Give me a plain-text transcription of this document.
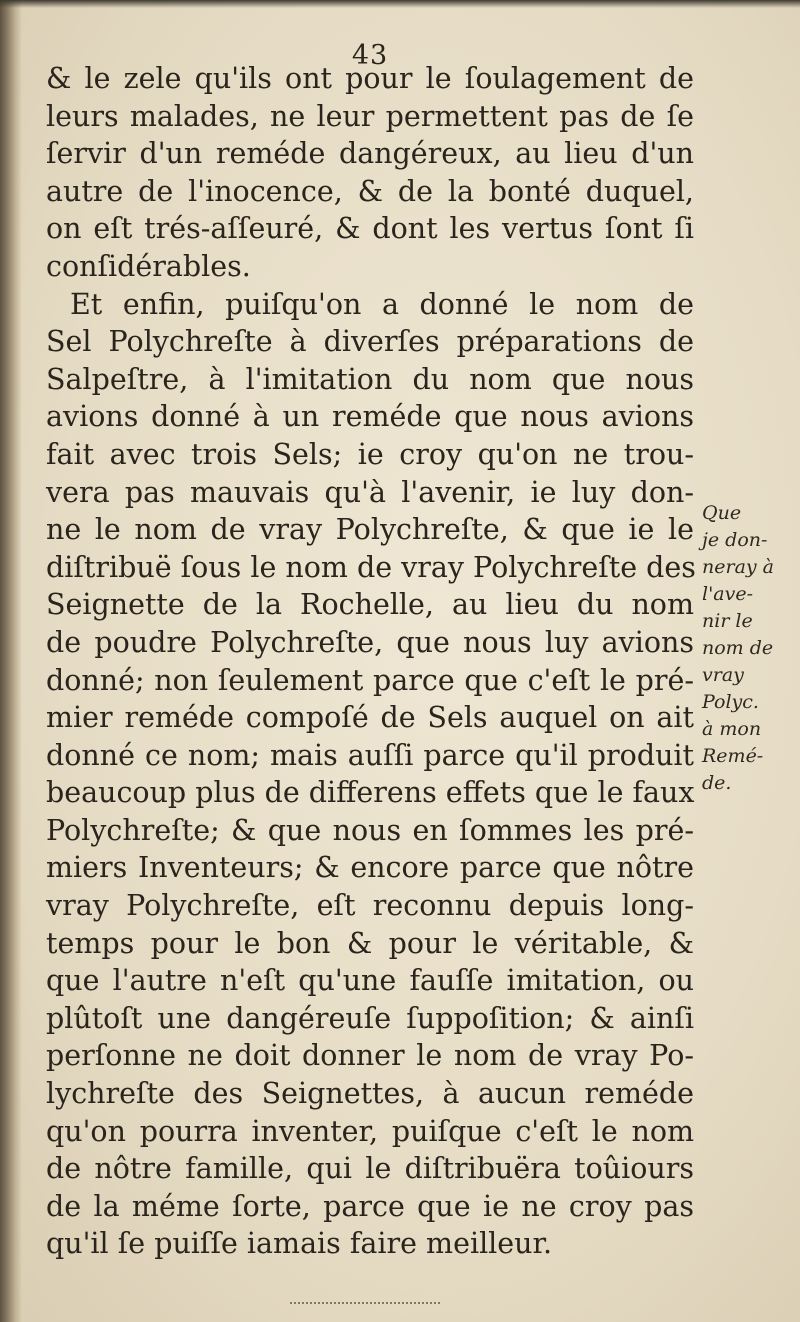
43
& le zele qu'ils ont pour le ſoulagement de
leurs malades, ne leur permettent pas de ſe
ſervir d'un reméde dangéreux, au lieu d'un
autre de l'inocence, & de la bonté duquel,
on eſt trés-aſſeuré, & dont les vertus ſont ſi
conſidérables.
Et enfin, puiſqu'on a donné le nom de
Sel Polychreſte à diverſes préparations de
Salpeſtre, à l'imitation du nom que nous
avions donné à un reméde que nous avions
fait avec trois Sels; ie croy qu'on ne trou-
vera pas mauvais qu'à l'avenir, ie luy don-
ne le nom de vray Polychreſte, & que ie le
diſtribuë ſous le nom de vray Polychreſte des
Seignette de la Rochelle, au lieu du nom
de poudre Polychreſte, que nous luy avions
donné; non ſeulement parce que c'eſt le pré-
mier reméde compoſé de Sels auquel on ait
donné ce nom; mais auſſi parce qu'il produit
beaucoup plus de differens effets que le faux
Polychreſte; & que nous en ſommes les pré-
miers Inventeurs; & encore parce que nôtre
vray Polychreſte, eſt reconnu depuis long-
temps pour le bon & pour le véritable, &
que l'autre n'eſt qu'une fauſſe imitation, ou
plûtoſt une dangéreuſe ſuppoſition; & ainſi
perſonne ne doit donner le nom de vray Po-
lychreſte des Seignettes, à aucun reméde
qu'on pourra inventer, puiſque c'eſt le nom
de nôtre famille, qui le diſtribuëra toûiours
de la méme ſorte, parce que ie ne croy pas
qu'il ſe puiſſe iamais faire meilleur.
Que
je don-
neray à
l'ave-
nir le
nom de
vray
Polyc.
à mon
Remé-
de.
